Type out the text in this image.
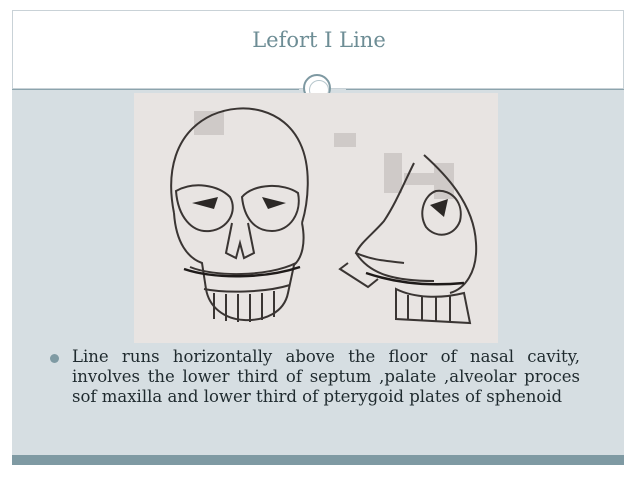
Lefort I Line
Line runs horizontally above the floor of nasal cavity, involves the lower third of septum ,palate ,alveolar proces sof maxilla and lower third of pterygoid plates of sphenoid
